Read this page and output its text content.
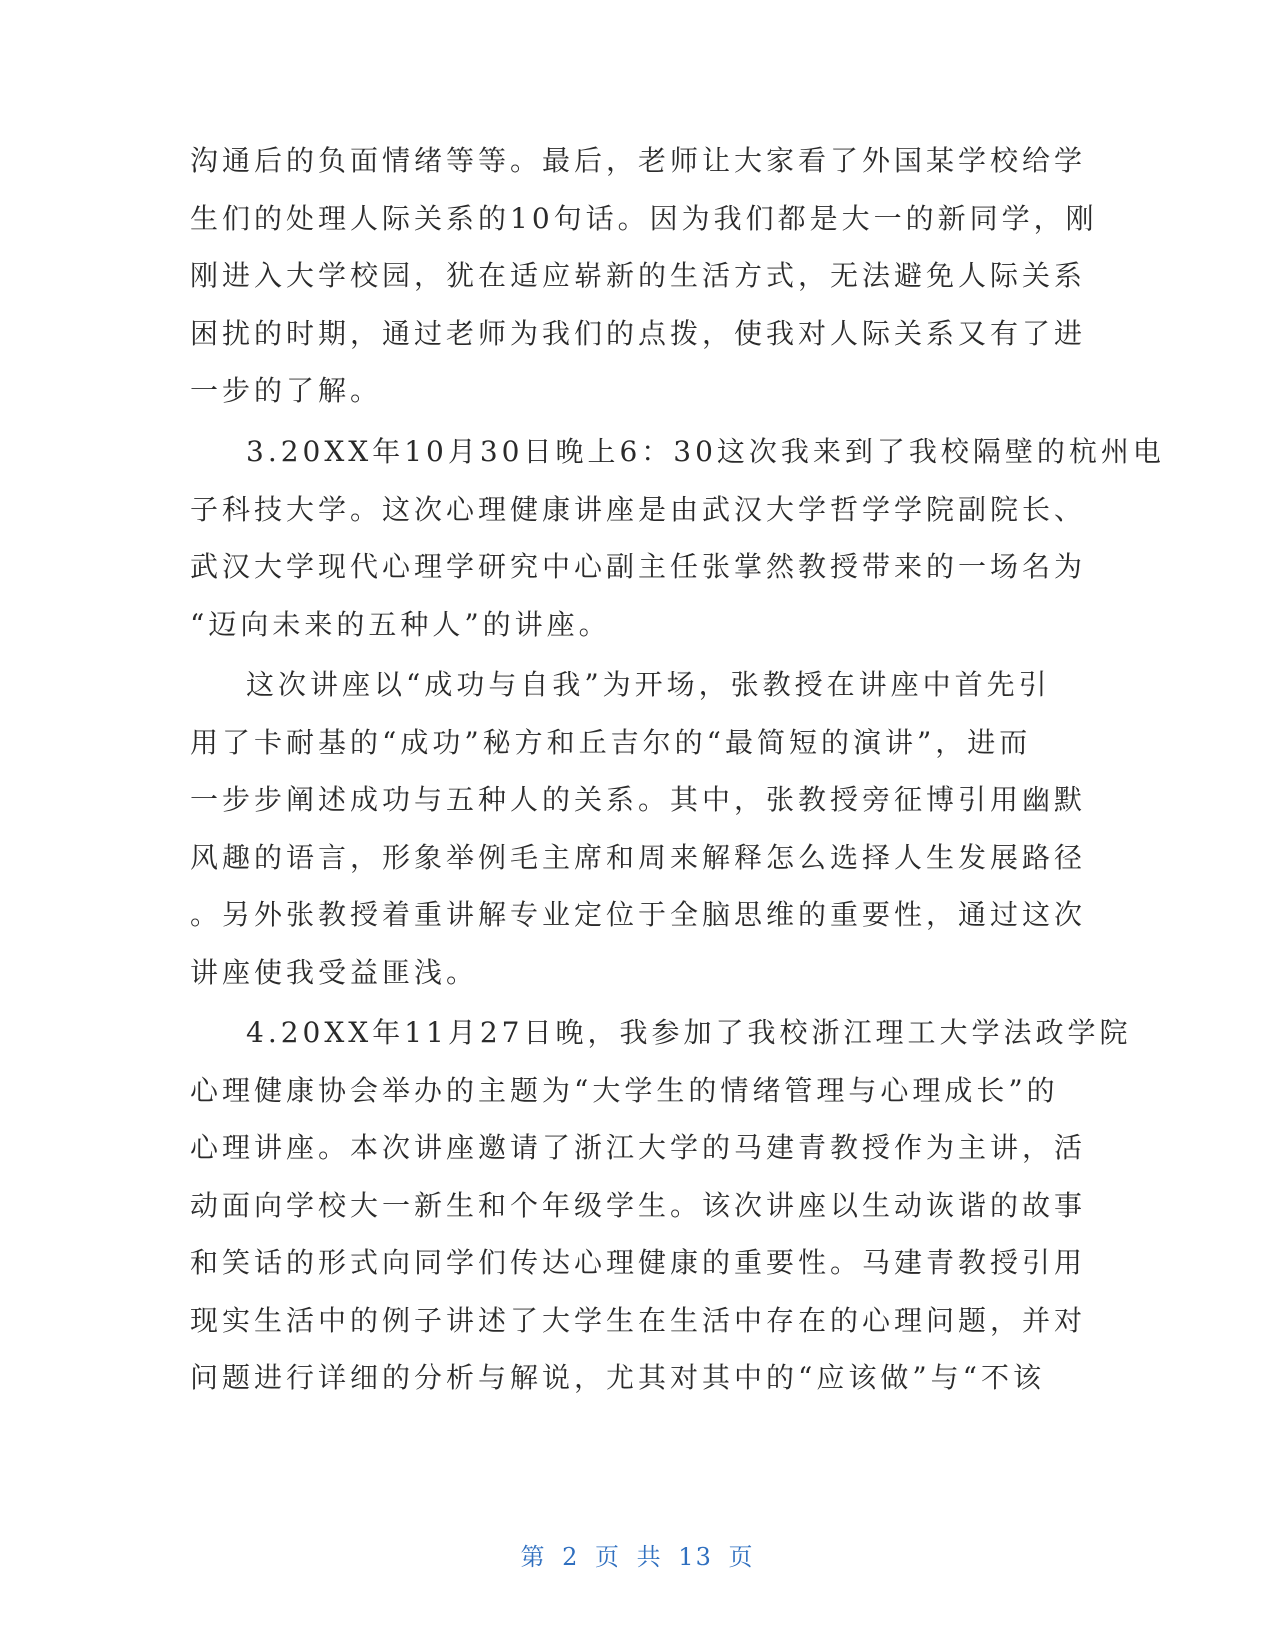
沟通后的负面情绪等等。最后，老师让大家看了外国某学校给学
生们的处理人际关系的10句话。因为我们都是大一的新同学，刚
刚进入大学校园，犹在适应崭新的生活方式，无法避免人际关系
困扰的时期，通过老师为我们的点拨，使我对人际关系又有了进
一步的了解。
3.20XX年10月30日晚上6：30这次我来到了我校隔壁的杭州电
子科技大学。这次心理健康讲座是由武汉大学哲学学院副院长、
武汉大学现代心理学研究中心副主任张掌然教授带来的一场名为
“迈向未来的五种人”的讲座。
这次讲座以“成功与自我”为开场，张教授在讲座中首先引
用了卡耐基的“成功”秘方和丘吉尔的“最简短的演讲”，进而
一步步阐述成功与五种人的关系。其中，张教授旁征博引用幽默
风趣的语言，形象举例毛主席和周来解释怎么选择人生发展路径
。另外张教授着重讲解专业定位于全脑思维的重要性，通过这次
讲座使我受益匪浅。
4.20XX年11月27日晚，我参加了我校浙江理工大学法政学院
心理健康协会举办的主题为“大学生的情绪管理与心理成长”的
心理讲座。本次讲座邀请了浙江大学的马建青教授作为主讲，活
动面向学校大一新生和个年级学生。该次讲座以生动诙谐的故事
和笑话的形式向同学们传达心理健康的重要性。马建青教授引用
现实生活中的例子讲述了大学生在生活中存在的心理问题，并对
问题进行详细的分析与解说，尤其对其中的“应该做”与“不该
第 2 页 共 13 页
